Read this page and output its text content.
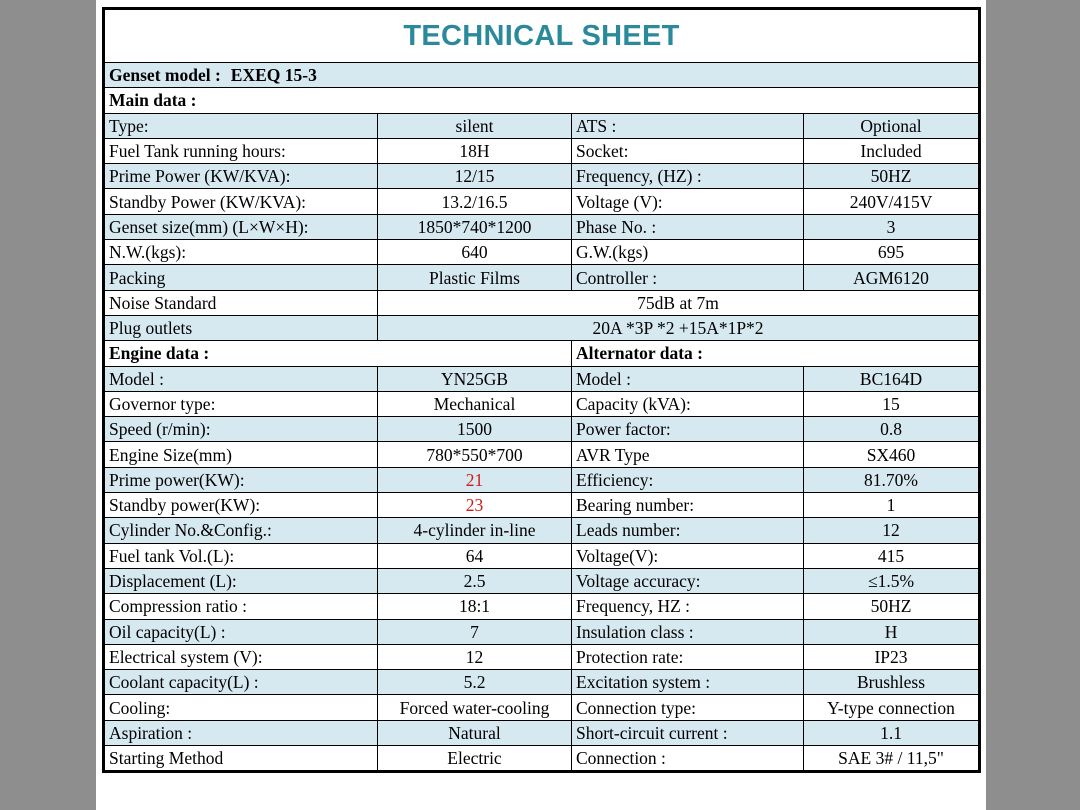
TECHNICAL SHEET			
Genset model : EXEQ 15-3			
Main data :			
Type:	silent	ATS :	Optional
Fuel Tank running hours:	18H	Socket:	Included
Prime Power (KW/KVA):	12/15	Frequency, (HZ) :	50HZ
Standby Power (KW/KVA):	13.2/16.5	Voltage (V):	240V/415V
Genset size(mm) (L×W×H):	1850*740*1200	Phase No. :	3
N.W.(kgs):	640	G.W.(kgs)	695
Packing	Plastic Films	Controller :	AGM6120
Noise Standard	75dB at 7m		
Plug outlets	20A *3P *2 +15A*1P*2		
Engine data :		Alternator data :	
Model :	YN25GB	Model :	BC164D
Governor type:	Mechanical	Capacity (kVA):	15
Speed (r/min):	1500	Power factor:	0.8
Engine Size(mm)	780*550*700	AVR Type	SX460
Prime power(KW):	21	Efficiency:	81.70%
Standby power(KW):	23	Bearing number:	1
Cylinder No.&Config.:	4-cylinder in-line	Leads number:	12
Fuel tank Vol.(L):	64	Voltage(V):	415
Displacement (L):	2.5	Voltage accuracy:	≤1.5%
Compression ratio :	18:1	Frequency, HZ :	50HZ
Oil capacity(L) :	7	Insulation class :	H
Electrical system (V):	12	Protection rate:	IP23
Coolant capacity(L) :	5.2	Excitation system :	Brushless
Cooling:	Forced water-cooling	Connection type:	Y-type connection
Aspiration :	Natural	Short-circuit current :	1.1
Starting Method	Electric	Connection :	SAE 3# / 11,5"
